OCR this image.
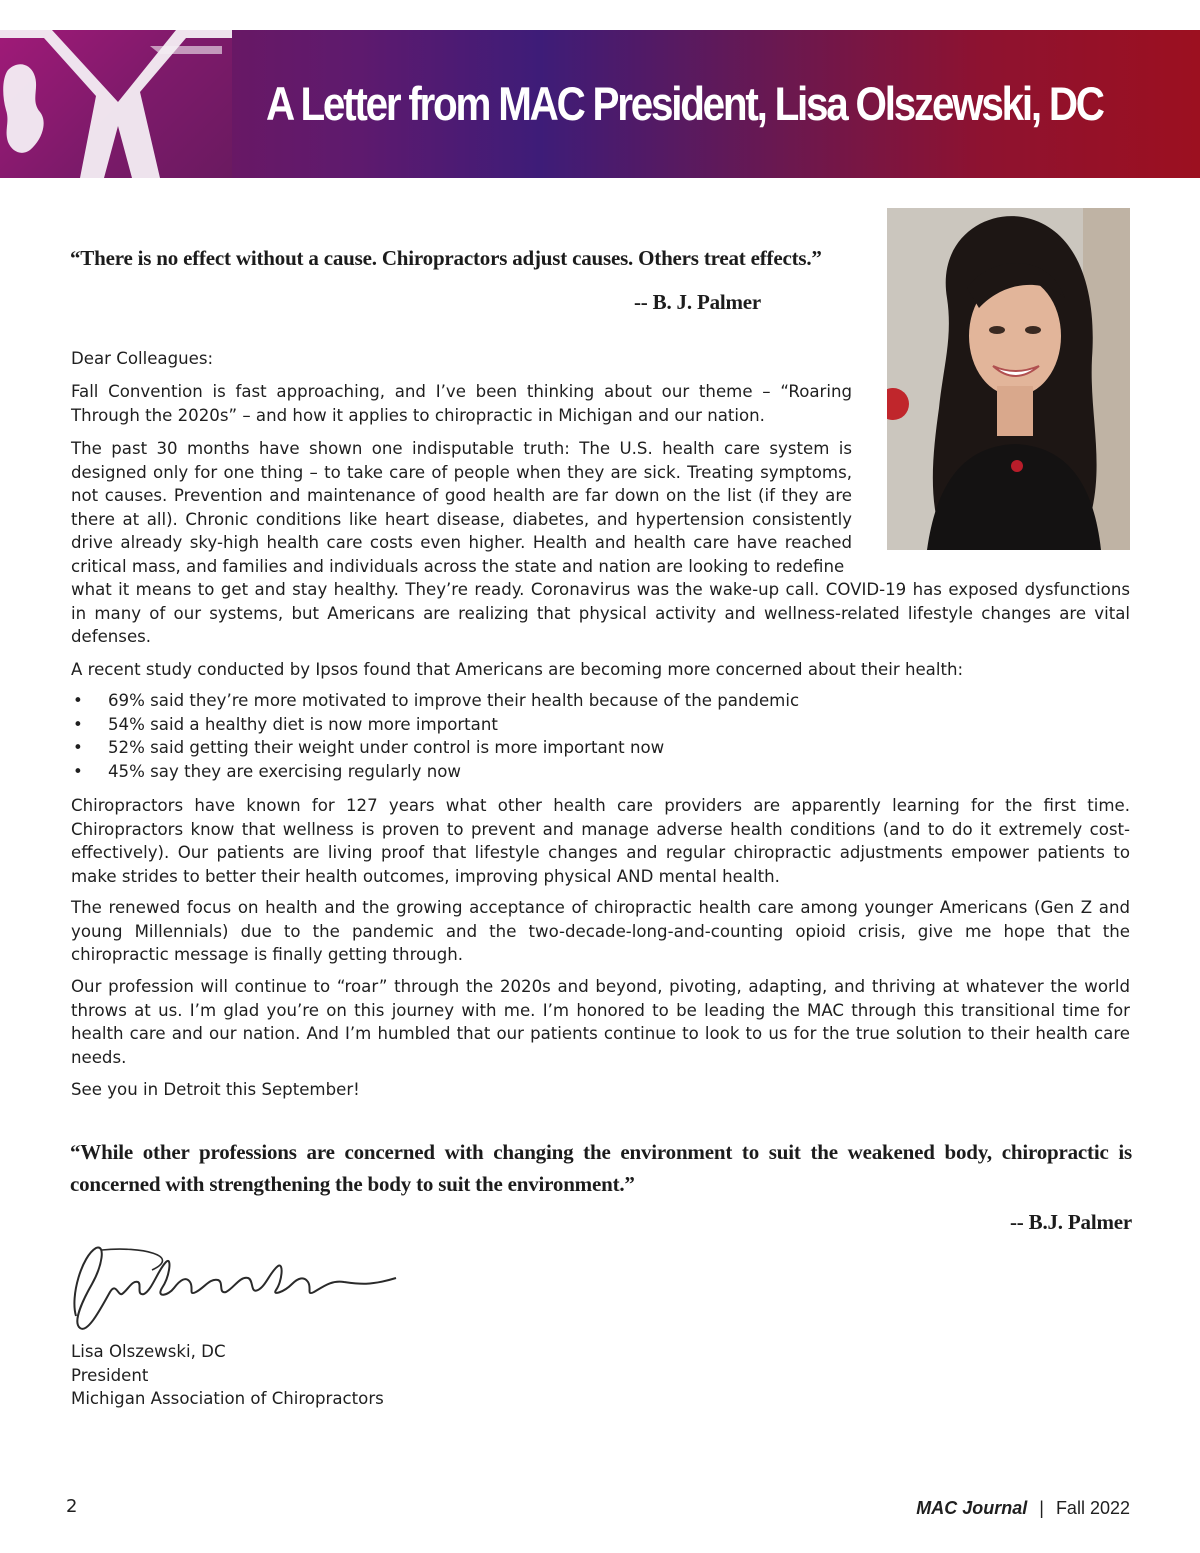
A Letter from MAC President, Lisa Olszewski, DC
“There is no effect without a cause. Chiropractors adjust causes. Others treat effects.”
-- B. J. Palmer

Dear Colleagues:

Fall Convention is fast approaching, and I’ve been thinking about our theme – “Roaring Through the 2020s” – and how it applies to chiropractic in Michigan and our nation.

The past 30 months have shown one indisputable truth: The U.S. health care system is designed only for one thing – to take care of people when they are sick. Treating symptoms, not causes. Prevention and maintenance of good health are far down on the list (if they are there at all). Chronic conditions like heart disease, diabetes, and hypertension consistently drive already sky-high health care costs even higher. Health and health care have reached critical mass, and families and individuals across the state and nation are looking to redefine

what it means to get and stay healthy. They’re ready. Coronavirus was the wake-up call. COVID-19 has exposed dysfunctions in many of our systems, but Americans are realizing that physical activity and wellness-related lifestyle changes are vital defenses.

A recent study conducted by Ipsos found that Americans are becoming more concerned about their health:

• 69% said they’re more motivated to improve their health because of the pandemic
• 54% said a healthy diet is now more important
• 52% said getting their weight under control is more important now
• 45% say they are exercising regularly now

Chiropractors have known for 127 years what other health care providers are apparently learning for the first time. Chiropractors know that wellness is proven to prevent and manage adverse health conditions (and to do it extremely cost-effectively). Our patients are living proof that lifestyle changes and regular chiropractic adjustments empower patients to make strides to better their health outcomes, improving physical AND mental health.

The renewed focus on health and the growing acceptance of chiropractic health care among younger Americans (Gen Z and young Millennials) due to the pandemic and the two-decade-long-and-counting opioid crisis, give me hope that the chiropractic message is finally getting through.

Our profession will continue to “roar” through the 2020s and beyond, pivoting, adapting, and thriving at whatever the world throws at us. I’m glad you’re on this journey with me. I’m honored to be leading the MAC through this transitional time for health care and our nation. And I’m humbled that our patients continue to look to us for the true solution to their health care needs.

See you in Detroit this September!

“While other professions are concerned with changing the environment to suit the weakened body, chiropractic is concerned with strengthening the body to suit the environment.”
-- B.J. Palmer
Lisa Olszewski, DC
President
Michigan Association of Chiropractors
2	MAC Journal | Fall 2022
